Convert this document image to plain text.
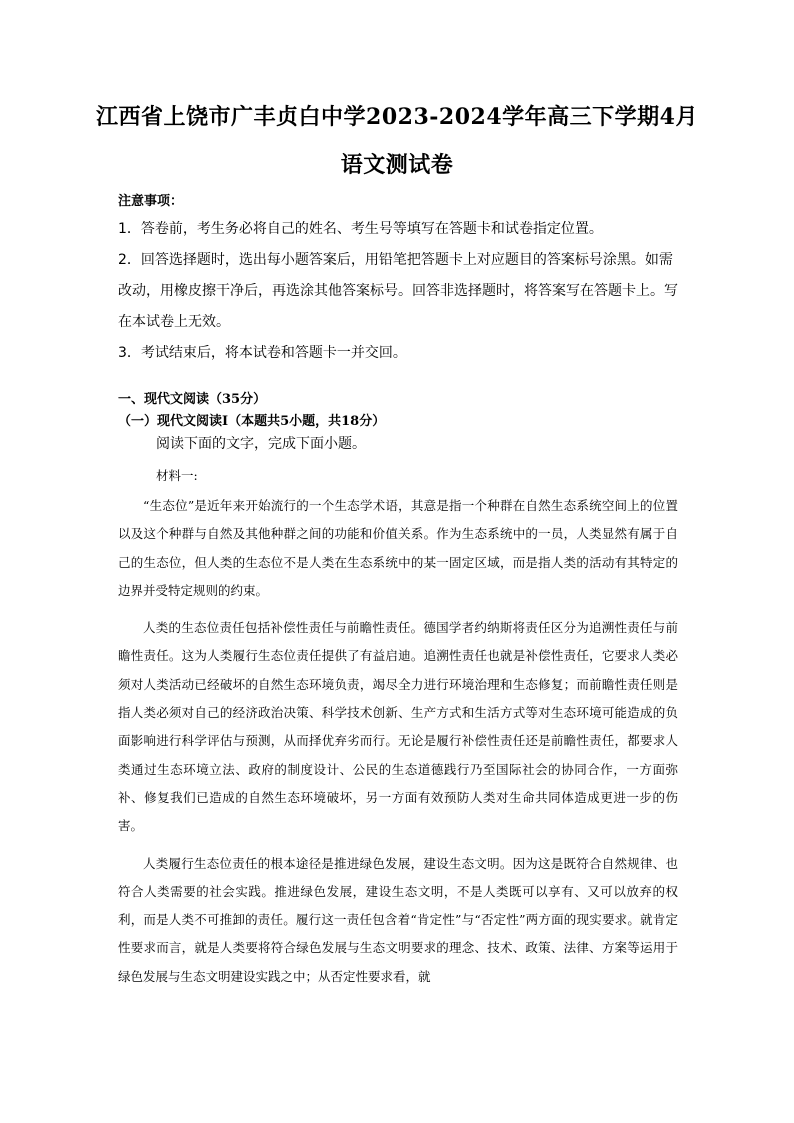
江西省上饶市广丰贞白中学2023-2024学年高三下学期4月
语文测试卷
注意事项：

1．答卷前，考生务必将自己的姓名、考生号等填写在答题卡和试卷指定位置。

2．回答选择题时，选出每小题答案后，用铅笔把答题卡上对应题目的答案标号涂黑。如需改动，用橡皮擦干净后，再选涂其他答案标号。回答非选择题时，将答案写在答题卡上。写在本试卷上无效。

3．考试结束后，将本试卷和答题卡一并交回。

一、现代文阅读（35分）
（一）现代文阅读Ⅰ（本题共5小题，共18分）
阅读下面的文字，完成下面小题。
材料一:

“生态位”是近年来开始流行的一个生态学术语，其意是指一个种群在自然生态系统空间上的位置以及这个种群与自然及其他种群之间的功能和价值关系。作为生态系统中的一员，人类显然有属于自己的生态位，但人类的生态位不是人类在生态系统中的某一固定区域，而是指人类的活动有其特定的边界并受特定规则的约束。

人类的生态位责任包括补偿性责任与前瞻性责任。德国学者约纳斯将责任区分为追溯性责任与前瞻性责任。这为人类履行生态位责任提供了有益启迪。追溯性责任也就是补偿性责任，它要求人类必须对人类活动已经破坏的自然生态环境负责，竭尽全力进行环境治理和生态修复；而前瞻性责任则是指人类必须对自己的经济政治决策、科学技术创新、生产方式和生活方式等对生态环境可能造成的负面影响进行科学评估与预测，从而择优弃劣而行。无论是履行补偿性责任还是前瞻性责任，都要求人类通过生态环境立法、政府的制度设计、公民的生态道德践行乃至国际社会的协同合作，一方面弥补、修复我们已造成的自然生态环境破坏，另一方面有效预防人类对生命共同体造成更进一步的伤害。

人类履行生态位责任的根本途径是推进绿色发展，建设生态文明。因为这是既符合自然规律、也符合人类需要的社会实践。推进绿色发展，建设生态文明，不是人类既可以享有、又可以放弃的权利，而是人类不可推卸的责任。履行这一责任包含着“肯定性”与“否定性”两方面的现实要求。就肯定性要求而言，就是人类要将符合绿色发展与生态文明要求的理念、技术、政策、法律、方案等运用于绿色发展与生态文明建设实践之中；从否定性要求看，就
